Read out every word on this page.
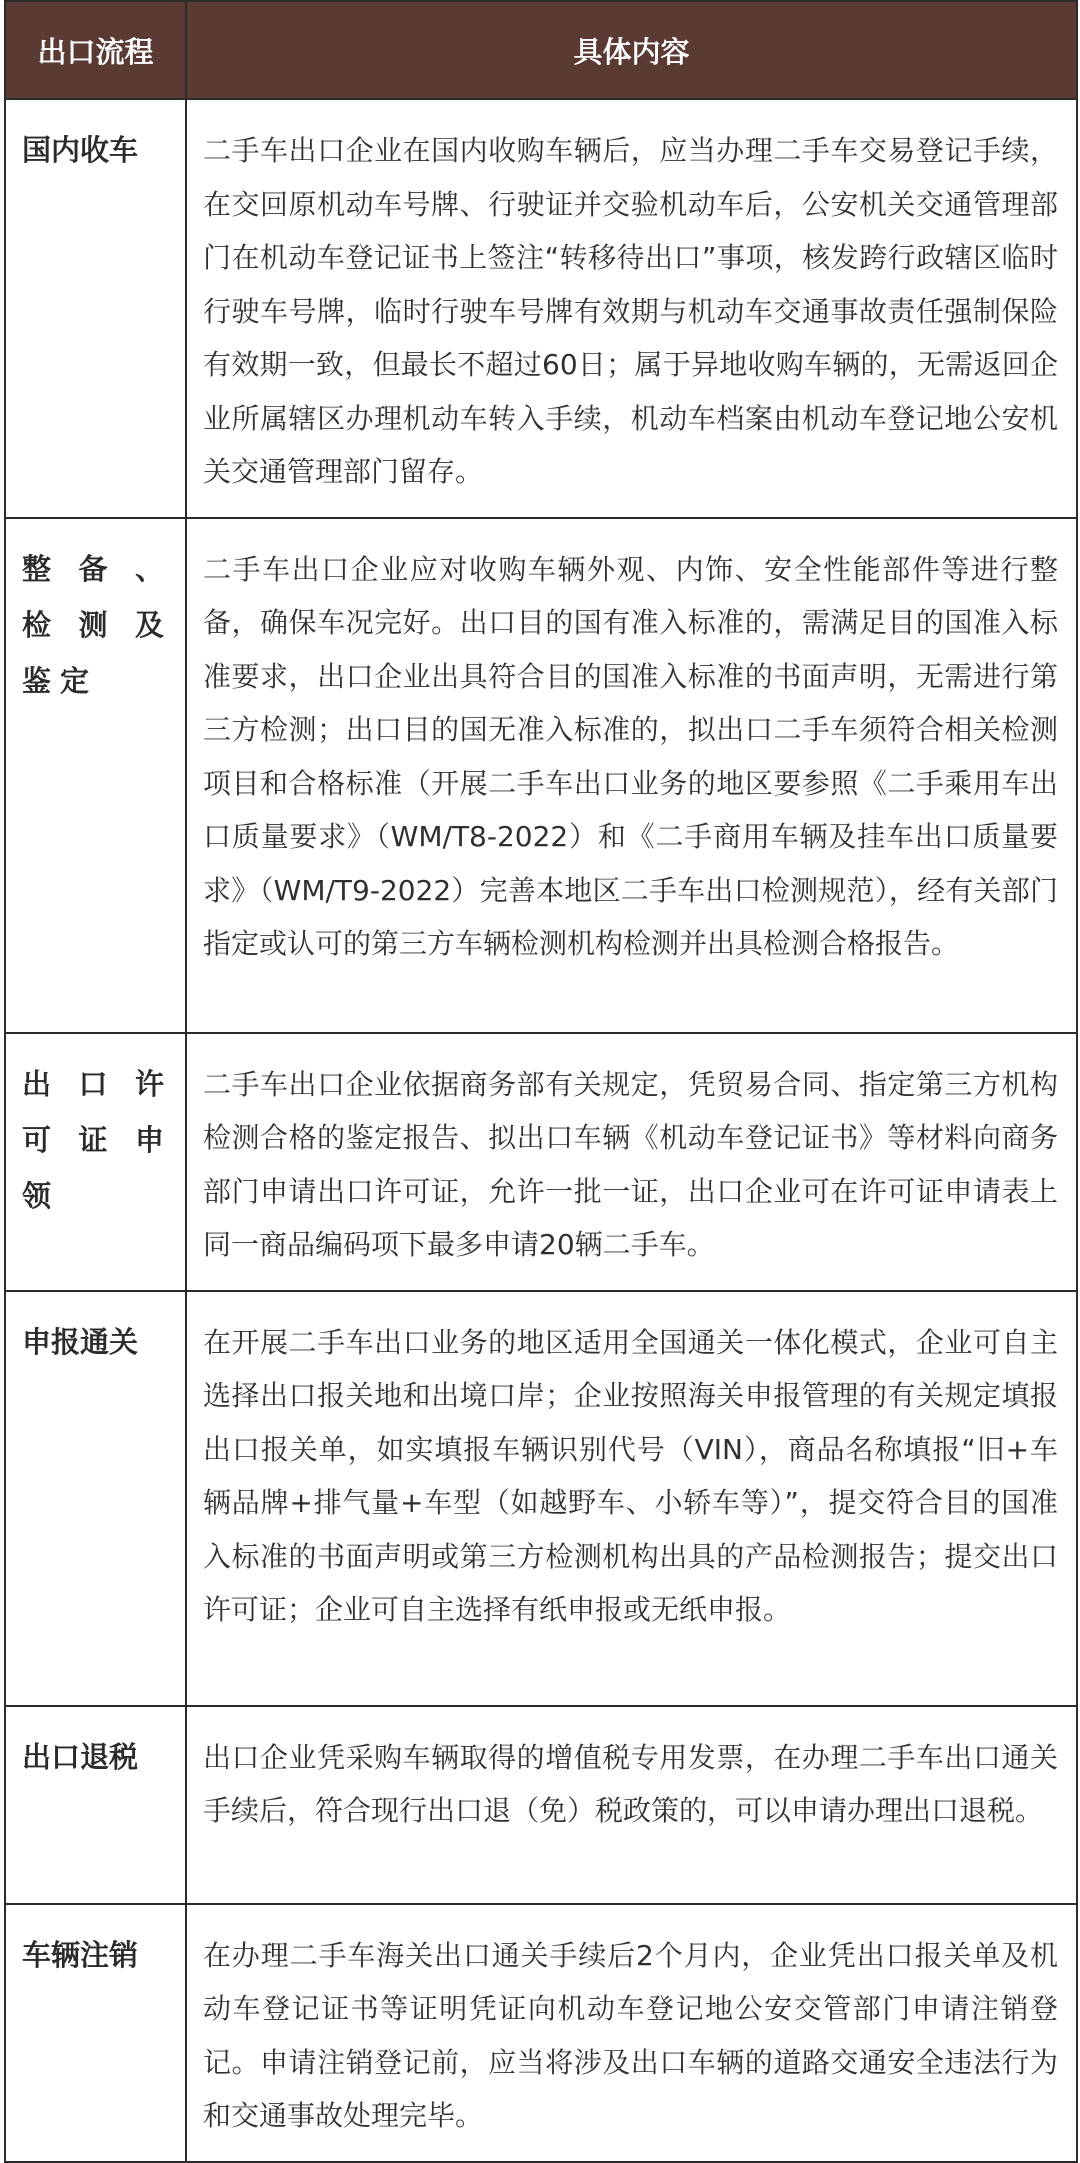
出口流程	具体内容
国内收车	二手车出口企业在国内收购车辆后，应当办理二手车交易登记手续，在交回原机动车号牌、行驶证并交验机动车后，公安机关交通管理部门在机动车登记证书上签注“转移待出口”事项，核发跨行政辖区临时行驶车号牌，临时行驶车号牌有效期与机动车交通事故责任强制保险有效期一致，但最长不超过60日；属于异地收购车辆的，无需返回企业所属辖区办理机动车转入手续，机动车档案由机动车登记地公安机关交通管理部门留存。
整备、检测及鉴定	二手车出口企业应对收购车辆外观、内饰、安全性能部件等进行整备，确保车况完好。出口目的国有准入标准的，需满足目的国准入标准要求，出口企业出具符合目的国准入标准的书面声明，无需进行第三方检测；出口目的国无准入标准的，拟出口二手车须符合相关检测项目和合格标准（开展二手车出口业务的地区要参照《二手乘用车出口质量要求》（WM/T8-2022）和《二手商用车辆及挂车出口质量要求》（WM/T9-2022）完善本地区二手车出口检测规范），经有关部门指定或认可的第三方车辆检测机构检测并出具检测合格报告。
出口许可证申领	二手车出口企业依据商务部有关规定，凭贸易合同、指定第三方机构检测合格的鉴定报告、拟出口车辆《机动车登记证书》等材料向商务部门申请出口许可证，允许一批一证，出口企业可在许可证申请表上同一商品编码项下最多申请20辆二手车。
申报通关	在开展二手车出口业务的地区适用全国通关一体化模式，企业可自主选择出口报关地和出境口岸；企业按照海关申报管理的有关规定填报出口报关单，如实填报车辆识别代号（VIN），商品名称填报“旧+车辆品牌+排气量+车型（如越野车、小轿车等）”，提交符合目的国准入标准的书面声明或第三方检测机构出具的产品检测报告；提交出口许可证；企业可自主选择有纸申报或无纸申报。
出口退税	出口企业凭采购车辆取得的增值税专用发票，在办理二手车出口通关手续后，符合现行出口退（免）税政策的，可以申请办理出口退税。
车辆注销	在办理二手车海关出口通关手续后2个月内，企业凭出口报关单及机动车登记证书等证明凭证向机动车登记地公安交管部门申请注销登记。申请注销登记前，应当将涉及出口车辆的道路交通安全违法行为和交通事故处理完毕。
